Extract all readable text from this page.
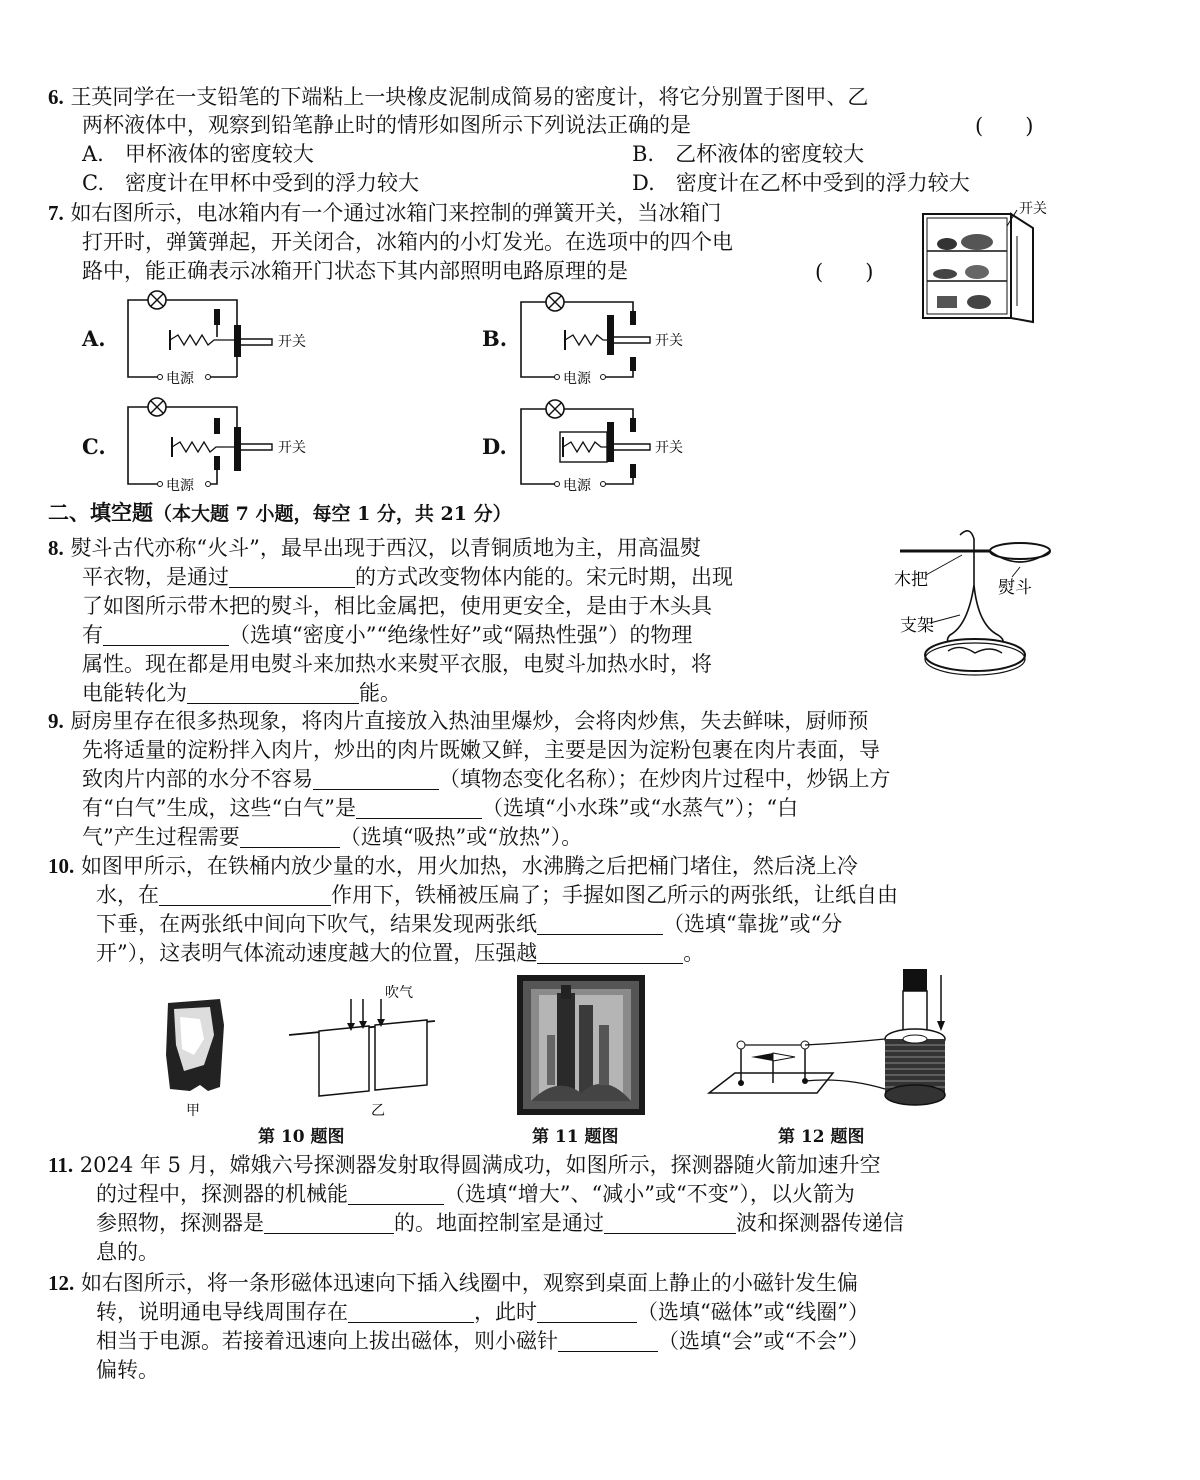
6. 王英同学在一支铅笔的下端粘上一块橡皮泥制成简易的密度计，将它分别置于图甲、乙
两杯液体中，观察到铅笔静止时的情形如图所示下列说法正确的是	(　　)
A.　甲杯液体的密度较大	B.　乙杯液体的密度较大
C.　密度计在甲杯中受到的浮力较大	D.　密度计在乙杯中受到的浮力较大
7. 如右图所示，电冰箱内有一个通过冰箱门来控制的弹簧开关，当冰箱门
打开时，弹簧弹起，开关闭合，冰箱内的小灯发光。在选项中的四个电
路中，能正确表示冰箱开门状态下其内部照明电路原理的是	(　　)
开关
A.
电源
开关	B.
电源
开关
C.
电源
开关	D.
电源
开关
二、填空题（本大题 7 小题，每空 1 分，共 21 分）
8. 熨斗古代亦称“火斗”，最早出现于西汉，以青铜质地为主，用高温熨
平衣物，是通过	的方式改变物体内能的。宋元时期，出现
了如图所示带木把的熨斗，相比金属把，使用更安全，是由于木头具
有	（选填“密度小”“绝缘性好”或“隔热性强”）的物理
属性。现在都是用电熨斗来加热水来熨平衣服，电熨斗加热水时，将
电能转化为	能。
木把	熨斗
支架
9. 厨房里存在很多热现象，将肉片直接放入热油里爆炒，会将肉炒焦，失去鲜味，厨师预
先将适量的淀粉拌入肉片，炒出的肉片既嫩又鲜，主要是因为淀粉包裹在肉片表面，导
致肉片内部的水分不容易	（填物态变化名称）；在炒肉片过程中，炒锅上方
有“白气”生成，这些“白气”是	（选填“小水珠”或“水蒸气”）；“白
气”产生过程需要	（选填“吸热”或“放热”）。
10. 如图甲所示，在铁桶内放少量的水，用火加热，水沸腾之后把桶门堵住，然后浇上冷
水，在	作用下，铁桶被压扁了；手握如图乙所示的两张纸，让纸自由
下垂，在两张纸中间向下吹气，结果发现两张纸	（选填“靠拢”或“分
开”），这表明气体流动速度越大的位置，压强越	。
甲
吹气
乙
第 10 题图	第 11 题图	第 12 题图
11. 2024 年 5 月，嫦娥六号探测器发射取得圆满成功，如图所示，探测器随火箭加速升空
的过程中，探测器的机械能	（选填“增大”、“减小”或“不变”），以火箭为
参照物，探测器是	的。地面控制室是通过	波和探测器传递信
息的。
12. 如右图所示，将一条形磁体迅速向下插入线圈中，观察到桌面上静止的小磁针发生偏
转，说明通电导线周围存在	，此时	（选填“磁体”或“线圈”）
相当于电源。若接着迅速向上拔出磁体，则小磁针	（选填“会”或“不会”）
偏转。
